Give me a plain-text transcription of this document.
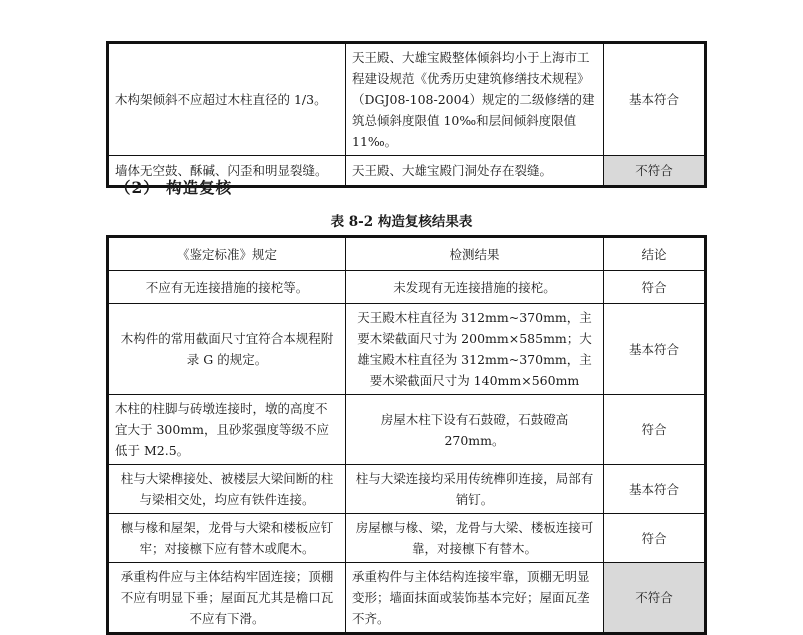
木构架倾斜不应超过木柱直径的 1/3。	天王殿、大雄宝殿整体倾斜均小于上海市工程建设规范《优秀历史建筑修缮技术规程》（DGJ08-108-2004）规定的二级修缮的建筑总倾斜度限值 10‰和层间倾斜度限值 11‰。	基本符合
墙体无空鼓、酥碱、闪歪和明显裂缝。	天王殿、大雄宝殿门洞处存在裂缝。	不符合
（2） 构造复核
表 8-2 构造复核结果表
《鉴定标准》规定	检测结果	结论
不应有无连接措施的接柁等。	未发现有无连接措施的接柁。	符合
木构件的常用截面尺寸宜符合本规程附录 G 的规定。	天王殿木柱直径为 312mm~370mm，主要木梁截面尺寸为 200mm×585mm；大雄宝殿木柱直径为 312mm~370mm，主要木梁截面尺寸为 140mm×560mm	基本符合
木柱的柱脚与砖墩连接时，墩的高度不宜大于 300mm，且砂浆强度等级不应低于 M2.5。	房屋木柱下设有石鼓磴，石鼓磴高 270mm。	符合
柱与大梁榫接处、被楼层大梁间断的柱与梁相交处，均应有铁件连接。	柱与大梁连接均采用传统榫卯连接，局部有销钉。	基本符合
檩与椽和屋架，龙骨与大梁和楼板应钉牢；对接檩下应有替木或爬木。	房屋檩与椽、梁，龙骨与大梁、楼板连接可靠，对接檩下有替木。	符合
承重构件应与主体结构牢固连接；顶棚不应有明显下垂；屋面瓦尤其是檐口瓦不应有下滑。	承重构件与主体结构连接牢靠，顶棚无明显变形；墙面抹面或装饰基本完好；屋面瓦垄不齐。	不符合
